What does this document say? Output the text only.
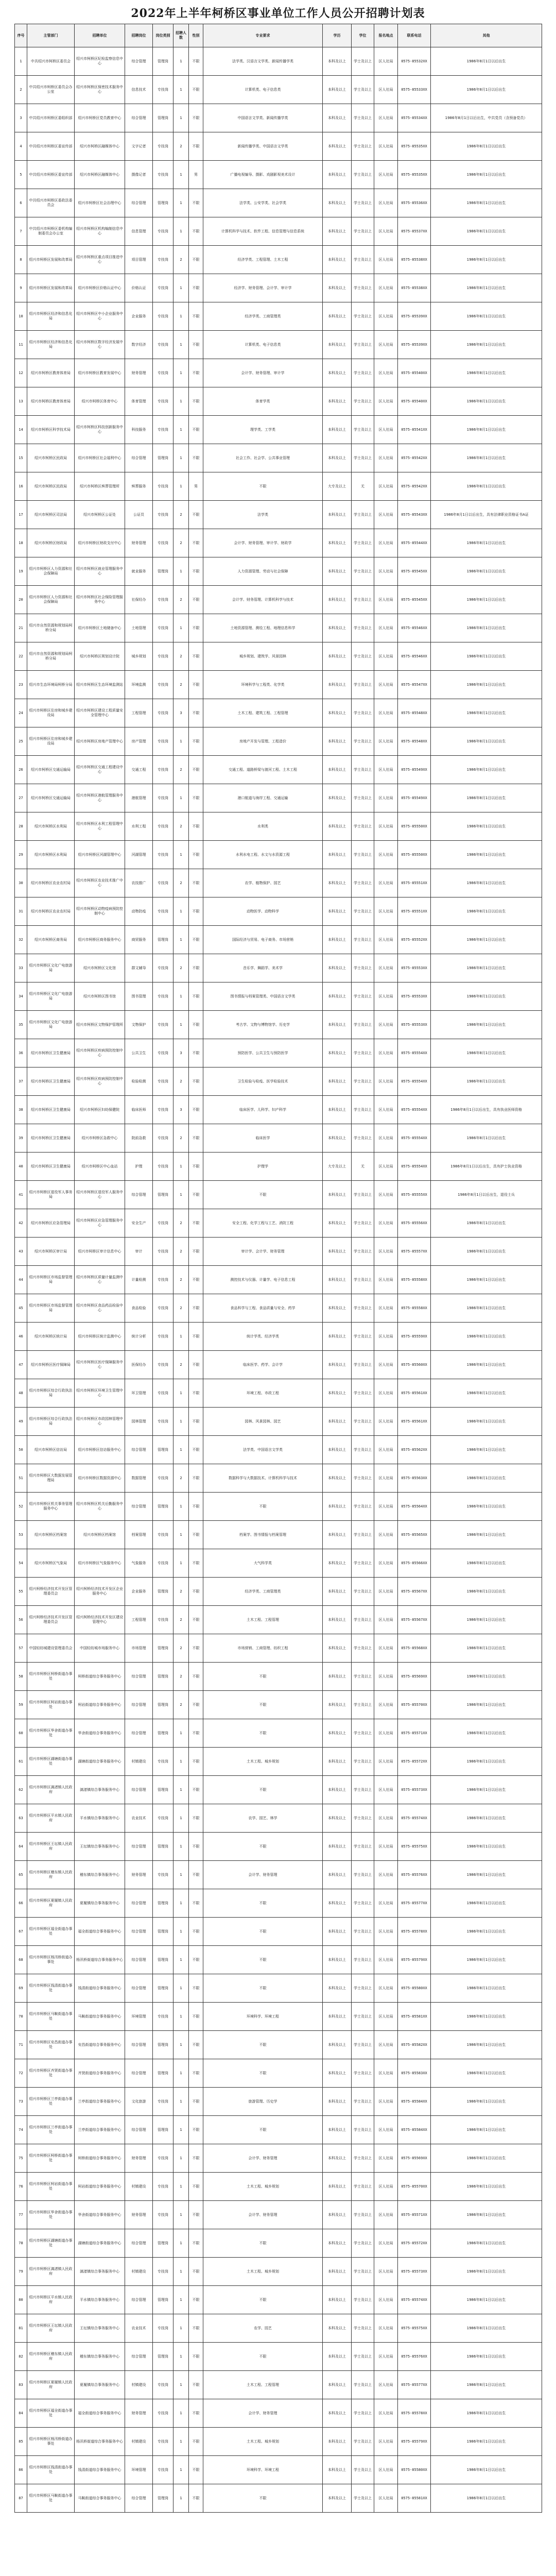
2022年上半年柯桥区事业单位工作人员公开招聘计划表
序号	主管部门	招聘单位	招聘岗位	岗位类别	招聘人数	性别	专业要求	学历	学位	报名地点	联系电话	其他
1	中共绍兴市柯桥区委员会	绍兴市柯桥区纪检监察信息中心	综合管理	管理岗	1	不限	法学类、汉语言文学类、新闻传播学类	本科及以上	学士及以上	区人社局	0575-85532XX	1986年8月1日以后出生
2	中共绍兴市柯桥区委员会办公室	绍兴市柯桥区保密技术服务中心	信息技术	专技岗	1	不限	计算机类、电子信息类	本科及以上	学士及以上	区人社局	0575-85533XX	1986年8月1日以后出生
3	中共绍兴市柯桥区委组织部	绍兴市柯桥区党员教育中心	综合管理	管理岗	1	不限	中国语言文学类、新闻传播学类	本科及以上	学士及以上	区人社局	0575-85534XX	1986年8月1日以后出生，中共党员（含预备党员）
4	中共绍兴市柯桥区委宣传部	绍兴市柯桥区融媒体中心	文字记者	专技岗	2	不限	新闻传播学类、中国语言文学类	本科及以上	学士及以上	区人社局	0575-85535XX	1986年8月1日以后出生
5	中共绍兴市柯桥区委宣传部	绍兴市柯桥区融媒体中心	摄像记者	专技岗	1	男	广播电视编导、摄影、戏剧影视美术设计	本科及以上	学士及以上	区人社局	0575-85535XX	1986年8月1日以后出生
6	中共绍兴市柯桥区委政法委员会	绍兴市柯桥区社会治理中心	综合管理	管理岗	1	不限	法学类、公安学类、社会学类	本科及以上	学士及以上	区人社局	0575-85536XX	1986年8月1日以后出生
7	中共绍兴市柯桥区委机构编制委员会办公室	绍兴市柯桥区机构编制信息中心	信息管理	专技岗	1	不限	计算机科学与技术、软件工程、信息管理与信息系统	本科及以上	学士及以上	区人社局	0575-85537XX	1986年8月1日以后出生
8	绍兴市柯桥区发展和改革局	绍兴市柯桥区重点项目推进中心	项目管理	专技岗	2	不限	经济学类、工程管理、土木工程	本科及以上	学士及以上	区人社局	0575-85538XX	1986年8月1日以后出生
9	绍兴市柯桥区发展和改革局	绍兴市柯桥区价格认证中心	价格认证	专技岗	1	不限	经济学、财务管理、会计学、审计学	本科及以上	学士及以上	区人社局	0575-85538XX	1986年8月1日以后出生
10	绍兴市柯桥区经济和信息化局	绍兴市柯桥区中小企业服务中心	企业服务	专技岗	1	不限	经济学类、工商管理类	本科及以上	学士及以上	区人社局	0575-85539XX	1986年8月1日以后出生
11	绍兴市柯桥区经济和信息化局	绍兴市柯桥区数字经济发展中心	数字经济	专技岗	1	不限	计算机类、电子信息类	本科及以上	学士及以上	区人社局	0575-85539XX	1986年8月1日以后出生
12	绍兴市柯桥区教育体育局	绍兴市柯桥区教育发展中心	财务管理	专技岗	1	不限	会计学、财务管理、审计学	本科及以上	学士及以上	区人社局	0575-85540XX	1986年8月1日以后出生
13	绍兴市柯桥区教育体育局	绍兴市柯桥区体育中心	体育管理	专技岗	1	不限	体育学类	本科及以上	学士及以上	区人社局	0575-85540XX	1986年8月1日以后出生
14	绍兴市柯桥区科学技术局	绍兴市柯桥区科技创新服务中心	科技服务	专技岗	1	不限	理学类、工学类	本科及以上	学士及以上	区人社局	0575-85541XX	1986年8月1日以后出生
15	绍兴市柯桥区民政局	绍兴市柯桥区社会福利中心	综合管理	管理岗	1	不限	社会工作、社会学、公共事业管理	本科及以上	学士及以上	区人社局	0575-85542XX	1986年8月1日以后出生
16	绍兴市柯桥区民政局	绍兴市柯桥区殡葬管理所	殡葬服务	专技岗	1	男	不限	大专及以上	无	区人社局	0575-85542XX	1986年8月1日以后出生
17	绍兴市柯桥区司法局	绍兴市柯桥区公证处	公证员	专技岗	2	不限	法学类	本科及以上	学士及以上	区人社局	0575-85543XX	1986年8月1日以后出生，具有法律职业资格证书A证
18	绍兴市柯桥区财政局	绍兴市柯桥区财政支付中心	财务管理	专技岗	2	不限	会计学、财务管理、审计学、财政学	本科及以上	学士及以上	区人社局	0575-85544XX	1986年8月1日以后出生
19	绍兴市柯桥区人力资源和社会保障局	绍兴市柯桥区就业管理服务中心	就业服务	管理岗	1	不限	人力资源管理、劳动与社会保障	本科及以上	学士及以上	区人社局	0575-85545XX	1986年8月1日以后出生
20	绍兴市柯桥区人力资源和社会保障局	绍兴市柯桥区社会保险管理服务中心	社保经办	专技岗	2	不限	会计学、财务管理、计算机科学与技术	本科及以上	学士及以上	区人社局	0575-85545XX	1986年8月1日以后出生
21	绍兴市自然资源和规划局柯桥分局	绍兴市柯桥区土地储备中心	土地管理	专技岗	1	不限	土地资源管理、测绘工程、地理信息科学	本科及以上	学士及以上	区人社局	0575-85546XX	1986年8月1日以后出生
22	绍兴市自然资源和规划局柯桥分局	绍兴市柯桥区规划设计院	城乡规划	专技岗	2	不限	城乡规划、建筑学、风景园林	本科及以上	学士及以上	区人社局	0575-85546XX	1986年8月1日以后出生
23	绍兴市生态环境局柯桥分局	绍兴市柯桥区生态环境监测站	环境监测	专技岗	2	不限	环境科学与工程类、化学类	本科及以上	学士及以上	区人社局	0575-85547XX	1986年8月1日以后出生
24	绍兴市柯桥区住房和城乡建设局	绍兴市柯桥区建设工程质量安全管理中心	工程管理	专技岗	3	不限	土木工程、建筑工程、工程管理	本科及以上	学士及以上	区人社局	0575-85548XX	1986年8月1日以后出生
25	绍兴市柯桥区住房和城乡建设局	绍兴市柯桥区房地产管理中心	房产管理	专技岗	1	不限	房地产开发与管理、工程造价	本科及以上	学士及以上	区人社局	0575-85548XX	1986年8月1日以后出生
26	绍兴市柯桥区交通运输局	绍兴市柯桥区交通工程建设中心	交通工程	专技岗	2	不限	交通工程、道路桥梁与渡河工程、土木工程	本科及以上	学士及以上	区人社局	0575-85549XX	1986年8月1日以后出生
27	绍兴市柯桥区交通运输局	绍兴市柯桥区港航管理服务中心	港航管理	专技岗	1	不限	港口航道与海岸工程、交通运输	本科及以上	学士及以上	区人社局	0575-85549XX	1986年8月1日以后出生
28	绍兴市柯桥区水利局	绍兴市柯桥区水利工程管理中心	水利工程	专技岗	2	不限	水利类	本科及以上	学士及以上	区人社局	0575-85550XX	1986年8月1日以后出生
29	绍兴市柯桥区水利局	绍兴市柯桥区河湖管理中心	河湖管理	专技岗	1	不限	水利水电工程、水文与水资源工程	本科及以上	学士及以上	区人社局	0575-85550XX	1986年8月1日以后出生
30	绍兴市柯桥区农业农村局	绍兴市柯桥区农业技术推广中心	农技推广	专技岗	2	不限	农学、植物保护、园艺	本科及以上	学士及以上	区人社局	0575-85551XX	1986年8月1日以后出生
31	绍兴市柯桥区农业农村局	绍兴市柯桥区动物疫病预防控制中心	动物防疫	专技岗	1	不限	动物医学、动物科学	本科及以上	学士及以上	区人社局	0575-85551XX	1986年8月1日以后出生
32	绍兴市柯桥区商务局	绍兴市柯桥区商务服务中心	商贸服务	管理岗	1	不限	国际经济与贸易、电子商务、市场营销	本科及以上	学士及以上	区人社局	0575-85552XX	1986年8月1日以后出生
33	绍兴市柯桥区文化广电旅游局	绍兴市柯桥区文化馆	群文辅导	专技岗	2	不限	音乐学、舞蹈学、美术学	本科及以上	学士及以上	区人社局	0575-85553XX	1986年8月1日以后出生
34	绍兴市柯桥区文化广电旅游局	绍兴市柯桥区图书馆	图书管理	专技岗	1	不限	图书情报与档案管理类、中国语言文学类	本科及以上	学士及以上	区人社局	0575-85553XX	1986年8月1日以后出生
35	绍兴市柯桥区文化广电旅游局	绍兴市柯桥区文物保护管理所	文物保护	专技岗	1	不限	考古学、文物与博物馆学、历史学	本科及以上	学士及以上	区人社局	0575-85553XX	1986年8月1日以后出生
36	绍兴市柯桥区卫生健康局	绍兴市柯桥区疾病预防控制中心	公共卫生	专技岗	3	不限	预防医学、公共卫生与预防医学	本科及以上	学士及以上	区人社局	0575-85554XX	1986年8月1日以后出生
37	绍兴市柯桥区卫生健康局	绍兴市柯桥区疾病预防控制中心	检验检测	专技岗	2	不限	卫生检验与检疫、医学检验技术	本科及以上	学士及以上	区人社局	0575-85554XX	1986年8月1日以后出生
38	绍兴市柯桥区卫生健康局	绍兴市柯桥区妇幼保健院	临床医师	专技岗	3	不限	临床医学、儿科学、妇产科学	本科及以上	学士及以上	区人社局	0575-85554XX	1986年8月1日以后出生，具有执业医师资格
39	绍兴市柯桥区卫生健康局	绍兴市柯桥区急救中心	院前急救	专技岗	2	不限	临床医学	本科及以上	学士及以上	区人社局	0575-85554XX	1986年8月1日以后出生
40	绍兴市柯桥区卫生健康局	绍兴市柯桥区中心血站	护理	专技岗	1	不限	护理学	大专及以上	无	区人社局	0575-85554XX	1986年8月1日以后出生，具有护士执业资格
41	绍兴市柯桥区退役军人事务局	绍兴市柯桥区退役军人服务中心	综合管理	管理岗	1	不限	不限	本科及以上	学士及以上	区人社局	0575-85555XX	1986年8月1日以后出生，退役士兵
42	绍兴市柯桥区应急管理局	绍兴市柯桥区应急管理服务中心	安全生产	专技岗	2	不限	安全工程、化学工程与工艺、消防工程	本科及以上	学士及以上	区人社局	0575-85556XX	1986年8月1日以后出生
43	绍兴市柯桥区审计局	绍兴市柯桥区审计信息中心	审计	专技岗	2	不限	审计学、会计学、财务管理	本科及以上	学士及以上	区人社局	0575-85557XX	1986年8月1日以后出生
44	绍兴市柯桥区市场监督管理局	绍兴市柯桥区质量计量监测中心	计量检测	专技岗	2	不限	测控技术与仪器、计量学、电子信息工程	本科及以上	学士及以上	区人社局	0575-85558XX	1986年8月1日以后出生
45	绍兴市柯桥区市场监督管理局	绍兴市柯桥区食品药品检验中心	食品检验	专技岗	2	不限	食品科学与工程、食品质量与安全、药学	本科及以上	学士及以上	区人社局	0575-85558XX	1986年8月1日以后出生
46	绍兴市柯桥区统计局	绍兴市柯桥区统计监测中心	统计分析	专技岗	1	不限	统计学类、经济学类	本科及以上	学士及以上	区人社局	0575-85559XX	1986年8月1日以后出生
47	绍兴市柯桥区医疗保障局	绍兴市柯桥区医疗保障服务中心	医保经办	专技岗	2	不限	临床医学、药学、会计学	本科及以上	学士及以上	区人社局	0575-85560XX	1986年8月1日以后出生
48	绍兴市柯桥区综合行政执法局	绍兴市柯桥区环境卫生管理中心	环卫管理	专技岗	1	不限	环境工程、市政工程	本科及以上	学士及以上	区人社局	0575-85561XX	1986年8月1日以后出生
49	绍兴市柯桥区综合行政执法局	绍兴市柯桥区市政园林管理中心	园林管理	专技岗	1	不限	园林、风景园林、园艺	本科及以上	学士及以上	区人社局	0575-85561XX	1986年8月1日以后出生
50	绍兴市柯桥区信访局	绍兴市柯桥区信访服务中心	综合管理	管理岗	1	不限	法学类、中国语言文学类	本科及以上	学士及以上	区人社局	0575-85562XX	1986年8月1日以后出生
51	绍兴市柯桥区大数据发展管理局	绍兴市柯桥区数据资源中心	数据管理	专技岗	2	不限	数据科学与大数据技术、计算机科学与技术	本科及以上	学士及以上	区人社局	0575-85563XX	1986年8月1日以后出生
52	绍兴市柯桥区机关事务管理服务中心	绍兴市柯桥区机关后勤服务中心	综合管理	管理岗	1	不限	不限	本科及以上	学士及以上	区人社局	0575-85564XX	1986年8月1日以后出生
53	绍兴市柯桥区档案馆	绍兴市柯桥区档案馆	档案管理	专技岗	1	不限	档案学、图书情报与档案管理	本科及以上	学士及以上	区人社局	0575-85565XX	1986年8月1日以后出生
54	绍兴市柯桥区气象局	绍兴市柯桥区气象服务中心	气象服务	专技岗	1	不限	大气科学类	本科及以上	学士及以上	区人社局	0575-85566XX	1986年8月1日以后出生
55	绍兴柯桥经济技术开发区管理委员会	绍兴柯桥经济技术开发区企业服务中心	企业服务	管理岗	2	不限	经济学类、工商管理类	本科及以上	学士及以上	区人社局	0575-85567XX	1986年8月1日以后出生
56	绍兴柯桥经济技术开发区管理委员会	绍兴柯桥经济技术开发区建设管理中心	工程管理	专技岗	2	不限	土木工程、工程管理	本科及以上	学士及以上	区人社局	0575-85567XX	1986年8月1日以后出生
57	中国轻纺城建设管理委员会	中国轻纺城市场服务中心	市场管理	管理岗	2	不限	市场营销、工商管理、纺织工程	本科及以上	学士及以上	区人社局	0575-85568XX	1986年8月1日以后出生
58	绍兴市柯桥区柯桥街道办事处	柯桥街道综合事务服务中心	综合管理	管理岗	2	不限	不限	本科及以上	学士及以上	区人社局	0575-85569XX	1986年8月1日以后出生
59	绍兴市柯桥区柯岩街道办事处	柯岩街道综合事务服务中心	综合管理	管理岗	2	不限	不限	本科及以上	学士及以上	区人社局	0575-85570XX	1986年8月1日以后出生
60	绍兴市柯桥区华舍街道办事处	华舍街道综合事务服务中心	综合管理	管理岗	1	不限	不限	本科及以上	学士及以上	区人社局	0575-85571XX	1986年8月1日以后出生
61	绍兴市柯桥区湖塘街道办事处	湖塘街道综合事务服务中心	村镇建设	专技岗	1	不限	土木工程、城乡规划	本科及以上	学士及以上	区人社局	0575-85572XX	1986年8月1日以后出生
62	绍兴市柯桥区漓渚镇人民政府	漓渚镇综合事务服务中心	综合管理	管理岗	1	不限	不限	本科及以上	学士及以上	区人社局	0575-85573XX	1986年8月1日以后出生
63	绍兴市柯桥区平水镇人民政府	平水镇综合事务服务中心	农业技术	专技岗	1	不限	农学、园艺、林学	本科及以上	学士及以上	区人社局	0575-85574XX	1986年8月1日以后出生
64	绍兴市柯桥区王坛镇人民政府	王坛镇综合事务服务中心	综合管理	管理岗	1	不限	不限	本科及以上	学士及以上	区人社局	0575-85575XX	1986年8月1日以后出生
65	绍兴市柯桥区稽东镇人民政府	稽东镇综合事务服务中心	财务管理	专技岗	1	不限	会计学、财务管理	本科及以上	学士及以上	区人社局	0575-85576XX	1986年8月1日以后出生
66	绍兴市柯桥区夏履镇人民政府	夏履镇综合事务服务中心	综合管理	管理岗	1	不限	不限	本科及以上	学士及以上	区人社局	0575-85577XX	1986年8月1日以后出生
67	绍兴市柯桥区福全街道办事处	福全街道综合事务服务中心	综合管理	管理岗	1	不限	不限	本科及以上	学士及以上	区人社局	0575-85578XX	1986年8月1日以后出生
68	绍兴市柯桥区杨汛桥街道办事处	杨汛桥街道综合事务服务中心	综合管理	管理岗	1	不限	不限	本科及以上	学士及以上	区人社局	0575-85579XX	1986年8月1日以后出生
69	绍兴市柯桥区钱清街道办事处	钱清街道综合事务服务中心	综合管理	管理岗	1	不限	不限	本科及以上	学士及以上	区人社局	0575-85580XX	1986年8月1日以后出生
70	绍兴市柯桥区马鞍街道办事处	马鞍街道综合事务服务中心	环境管理	专技岗	1	不限	环境科学、环境工程	本科及以上	学士及以上	区人社局	0575-85581XX	1986年8月1日以后出生
71	绍兴市柯桥区安昌街道办事处	安昌街道综合事务服务中心	综合管理	管理岗	1	不限	不限	本科及以上	学士及以上	区人社局	0575-85582XX	1986年8月1日以后出生
72	绍兴市柯桥区齐贤街道办事处	齐贤街道综合事务服务中心	综合管理	管理岗	1	不限	不限	本科及以上	学士及以上	区人社局	0575-85583XX	1986年8月1日以后出生
73	绍兴市柯桥区兰亭街道办事处	兰亭街道综合事务服务中心	文化旅游	专技岗	1	不限	旅游管理、历史学	本科及以上	学士及以上	区人社局	0575-85584XX	1986年8月1日以后出生
74	绍兴市柯桥区兰亭街道办事处	兰亭街道综合事务服务中心	综合管理	管理岗	1	不限	不限	本科及以上	学士及以上	区人社局	0575-85584XX	1986年8月1日以后出生
75	绍兴市柯桥区柯桥街道办事处	柯桥街道综合事务服务中心	财务管理	专技岗	1	不限	会计学、财务管理	本科及以上	学士及以上	区人社局	0575-85569XX	1986年8月1日以后出生
76	绍兴市柯桥区柯岩街道办事处	柯岩街道综合事务服务中心	村镇建设	专技岗	1	不限	土木工程、城乡规划	本科及以上	学士及以上	区人社局	0575-85570XX	1986年8月1日以后出生
77	绍兴市柯桥区华舍街道办事处	华舍街道综合事务服务中心	财务管理	专技岗	1	不限	会计学、财务管理	本科及以上	学士及以上	区人社局	0575-85571XX	1986年8月1日以后出生
78	绍兴市柯桥区湖塘街道办事处	湖塘街道综合事务服务中心	综合管理	管理岗	1	不限	不限	本科及以上	学士及以上	区人社局	0575-85572XX	1986年8月1日以后出生
79	绍兴市柯桥区漓渚镇人民政府	漓渚镇综合事务服务中心	村镇建设	专技岗	1	不限	土木工程、城乡规划	本科及以上	学士及以上	区人社局	0575-85573XX	1986年8月1日以后出生
80	绍兴市柯桥区平水镇人民政府	平水镇综合事务服务中心	综合管理	管理岗	1	不限	不限	本科及以上	学士及以上	区人社局	0575-85574XX	1986年8月1日以后出生
81	绍兴市柯桥区王坛镇人民政府	王坛镇综合事务服务中心	农业技术	专技岗	1	不限	农学、园艺	本科及以上	学士及以上	区人社局	0575-85575XX	1986年8月1日以后出生
82	绍兴市柯桥区稽东镇人民政府	稽东镇综合事务服务中心	综合管理	管理岗	1	不限	不限	本科及以上	学士及以上	区人社局	0575-85576XX	1986年8月1日以后出生
83	绍兴市柯桥区夏履镇人民政府	夏履镇综合事务服务中心	村镇建设	专技岗	1	不限	土木工程、工程管理	本科及以上	学士及以上	区人社局	0575-85577XX	1986年8月1日以后出生
84	绍兴市柯桥区福全街道办事处	福全街道综合事务服务中心	财务管理	专技岗	1	不限	会计学、财务管理	本科及以上	学士及以上	区人社局	0575-85578XX	1986年8月1日以后出生
85	绍兴市柯桥区杨汛桥街道办事处	杨汛桥街道综合事务服务中心	村镇建设	专技岗	1	不限	土木工程、城乡规划	本科及以上	学士及以上	区人社局	0575-85579XX	1986年8月1日以后出生
86	绍兴市柯桥区钱清街道办事处	钱清街道综合事务服务中心	环境管理	专技岗	1	不限	环境科学、环境工程	本科及以上	学士及以上	区人社局	0575-85580XX	1986年8月1日以后出生
87	绍兴市柯桥区马鞍街道办事处	马鞍街道综合事务服务中心	综合管理	管理岗	1	不限	不限	本科及以上	学士及以上	区人社局	0575-85581XX	1986年8月1日以后出生
